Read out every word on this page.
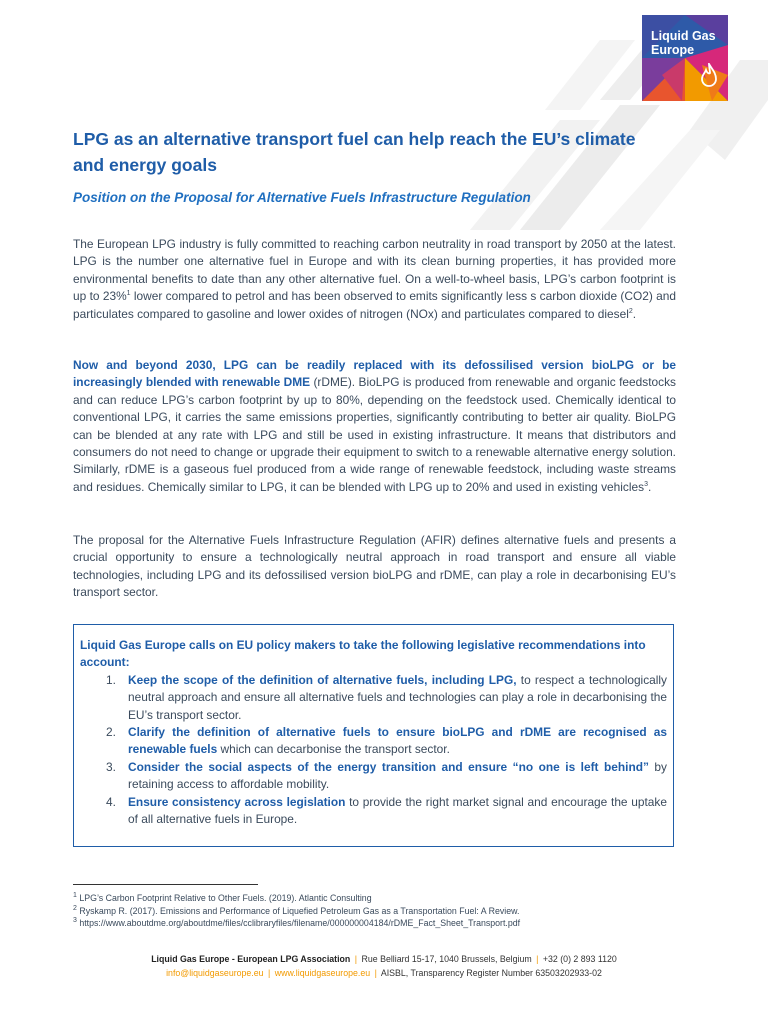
Liquid Gas
Europe
LPG as an alternative transport fuel can help reach the EU’s climate
and energy goals

Position on the Proposal for Alternative Fuels Infrastructure Regulation

The European LPG industry is fully committed to reaching carbon neutrality in road transport by 2050 at the latest. LPG is the number one alternative fuel in Europe and with its clean burning properties, it has provided more environmental benefits to date than any other alternative fuel. On a well-to-wheel basis, LPG’s carbon footprint is up to 23%$^1$ lower compared to petrol and has been observed to emits significantly less s carbon dioxide (CO2) and particulates compared to gasoline and lower oxides of nitrogen (NOx) and particulates compared to diesel$^2$.

Now and beyond 2030, LPG can be readily replaced with its defossilised version bioLPG or be increasingly blended with renewable DME (rDME). BioLPG is produced from renewable and organic feedstocks and can reduce LPG’s carbon footprint by up to 80%, depending on the feedstock used. Chemically identical to conventional LPG, it carries the same emissions properties, significantly contributing to better air quality. BioLPG can be blended at any rate with LPG and still be used in existing infrastructure. It means that distributors and consumers do not need to change or upgrade their equipment to switch to a renewable alternative energy solution. Similarly, rDME is a gaseous fuel produced from a wide range of renewable feedstock, including waste streams and residues. Chemically similar to LPG, it can be blended with LPG up to 20% and used in existing vehicles$^3$.

The proposal for the Alternative Fuels Infrastructure Regulation (AFIR) defines alternative fuels and presents a crucial opportunity to ensure a technologically neutral approach in road transport and ensure all viable technologies, including LPG and its defossilised version bioLPG and rDME, can play a role in decarbonising EU’s transport sector.

Liquid Gas Europe calls on EU policy makers to take the following legislative recommendations into account:

1. Keep the scope of the definition of alternative fuels, including LPG, to respect a technologically neutral approach and ensure all alternative fuels and technologies can play a role in decarbonising the EU’s transport sector.
2. Clarify the definition of alternative fuels to ensure bioLPG and rDME are recognised as renewable fuels which can decarbonise the transport sector.
3. Consider the social aspects of the energy transition and ensure “no one is left behind” by retaining access to affordable mobility.
4. Ensure consistency across legislation to provide the right market signal and encourage the uptake of all alternative fuels in Europe.

$^1$ LPG’s Carbon Footprint Relative to Other Fuels. (2019). Atlantic Consulting

$^2$ Ryskamp R. (2017). Emissions and Performance of Liquefied Petroleum Gas as a Transportation Fuel: A Review.

$^3$ https://www.aboutdme.org/aboutdme/files/cclibraryfiles/filename/000000004184/rDME_Fact_Sheet_Transport.pdf

Liquid Gas Europe - European LPG Association | Rue Belliard 15-17, 1040 Brussels, Belgium | +32 (0) 2 893 1120
info@liquidgaseurope.eu | www.liquidgaseurope.eu | AISBL, Transparency Register Number 63503202933-02
